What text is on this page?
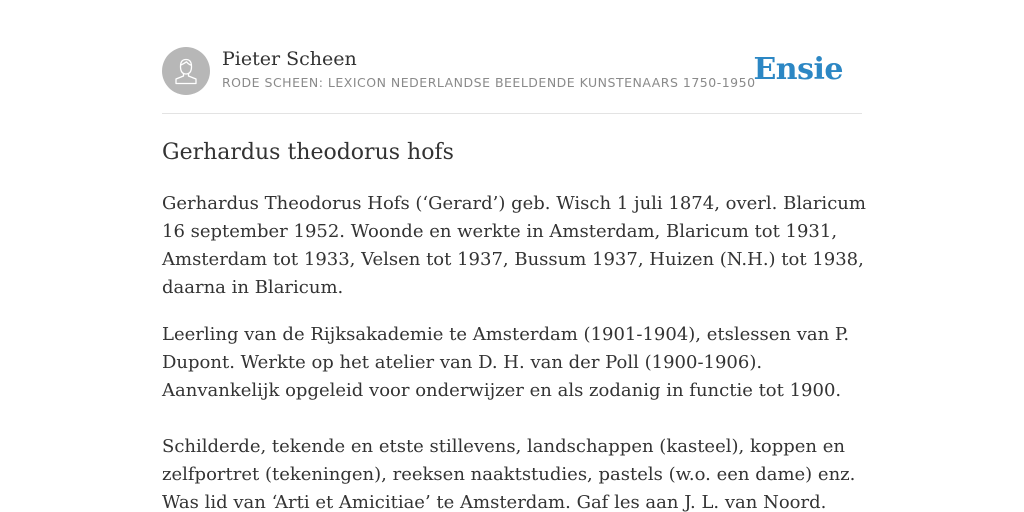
Pieter Scheen
RODE SCHEEN: LEXICON NEDERLANDSE BEELDENDE KUNSTENAARS 1750-1950
Ensie
Gerhardus theodorus hofs

Gerhardus Theodorus Hofs (‘Gerard’) geb. Wisch 1 juli 1874, overl. Blaricum 16 september 1952. Woonde en werkte in Amsterdam, Blaricum tot 1931, Amsterdam tot 1933, Velsen tot 1937, Bussum 1937, Huizen (N.H.) tot 1938, daarna in Blaricum.

Leerling van de Rijksakademie te Amsterdam (1901-1904), etslessen van P. Dupont. Werkte op het atelier van D. H. van der Poll (1900-1906). Aanvankelijk opgeleid voor onderwijzer en als zodanig in functie tot 1900.

Schilderde, tekende en etste stillevens, landschappen (kasteel), koppen en zelfportret (tekeningen), reeksen naaktstudies, pastels (w.o. een dame) enz. Was lid van ‘Arti et Amicitiae’ te Amsterdam. Gaf les aan J. L. van Noord.
